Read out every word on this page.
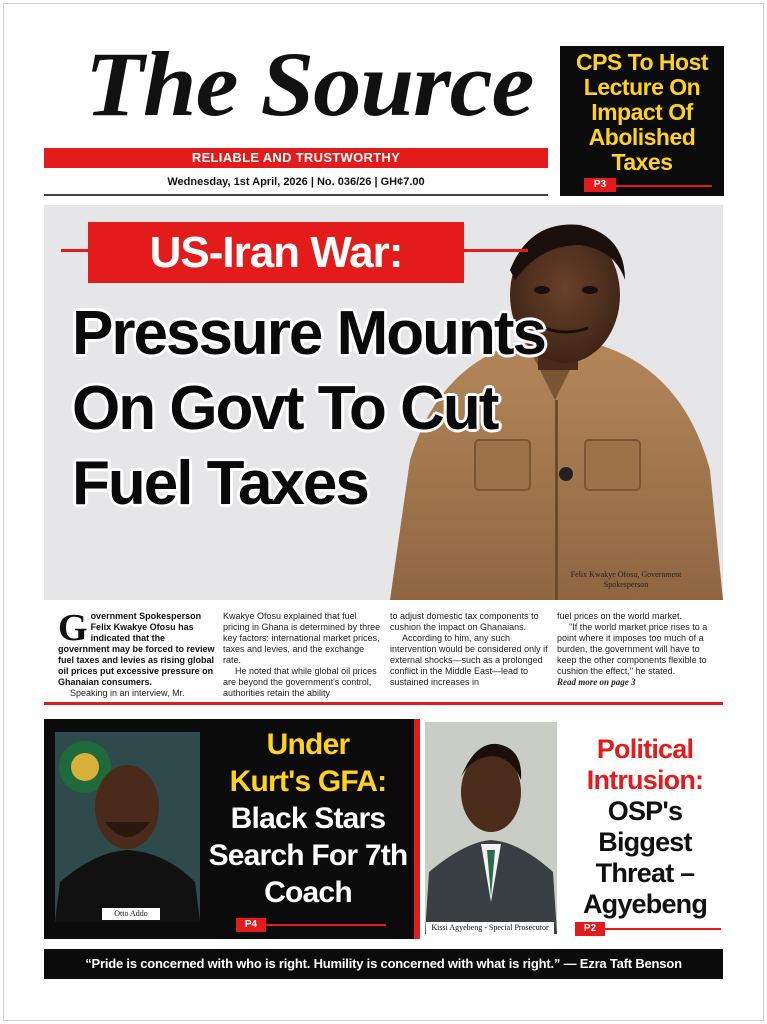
The Source
RELIABLE AND TRUSTWORTHY
Wednesday, 1st April, 2026 | No. 036/26 | GH¢7.00
CPS To Host Lecture On Impact Of Abolished Taxes
P3
US-Iran War:
Pressure Mounts On Govt To Cut Fuel Taxes
Felix Kwakye Ofosu, Government Spokesperson

Government Spokesperson Felix Kwakye Ofosu has indicated that the government may be forced to review fuel taxes and levies as rising global oil prices put excessive pressure on Ghanaian consumers.

Speaking in an interview, Mr.

Kwakye Ofosu explained that fuel pricing in Ghana is determined by three key factors: international market prices, taxes and levies, and the exchange rate.

He noted that while global oil prices are beyond the government's control, authorities retain the ability

to adjust domestic tax components to cushion the impact on Ghanaians.

According to him, any such intervention would be considered only if external shocks—such as a prolonged conflict in the Middle East—lead to sustained increases in

fuel prices on the world market.

"If the world market price rises to a point where it imposes too much of a burden, the government will have to keep the other components flexible to cushion the effect," he stated.

Read more on page 3

Otto Addo
Under
Kurt's GFA:
Black Stars Search For 7th Coach
P4	Kissi Agyebeng - Special Prosecutor
Political Intrusion:
OSP's Biggest Threat – Agyebeng
P2
“Pride is concerned with who is right. Humility is concerned with what is right.” — Ezra Taft Benson
